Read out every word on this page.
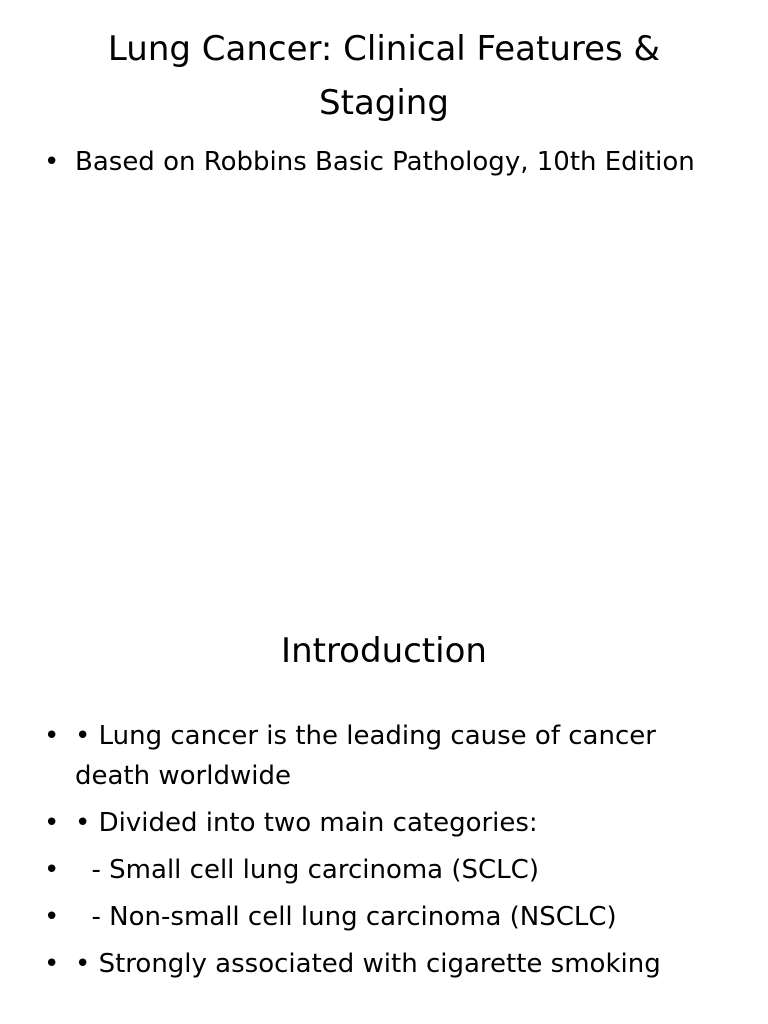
Lung Cancer: Clinical Features & Staging
• Based on Robbins Basic Pathology, 10th Edition
Introduction
• • Lung cancer is the leading cause of cancer death worldwide
• • Divided into two main categories:
• - Small cell lung carcinoma (SCLC)
• - Non-small cell lung carcinoma (NSCLC)
• • Strongly associated with cigarette smoking
